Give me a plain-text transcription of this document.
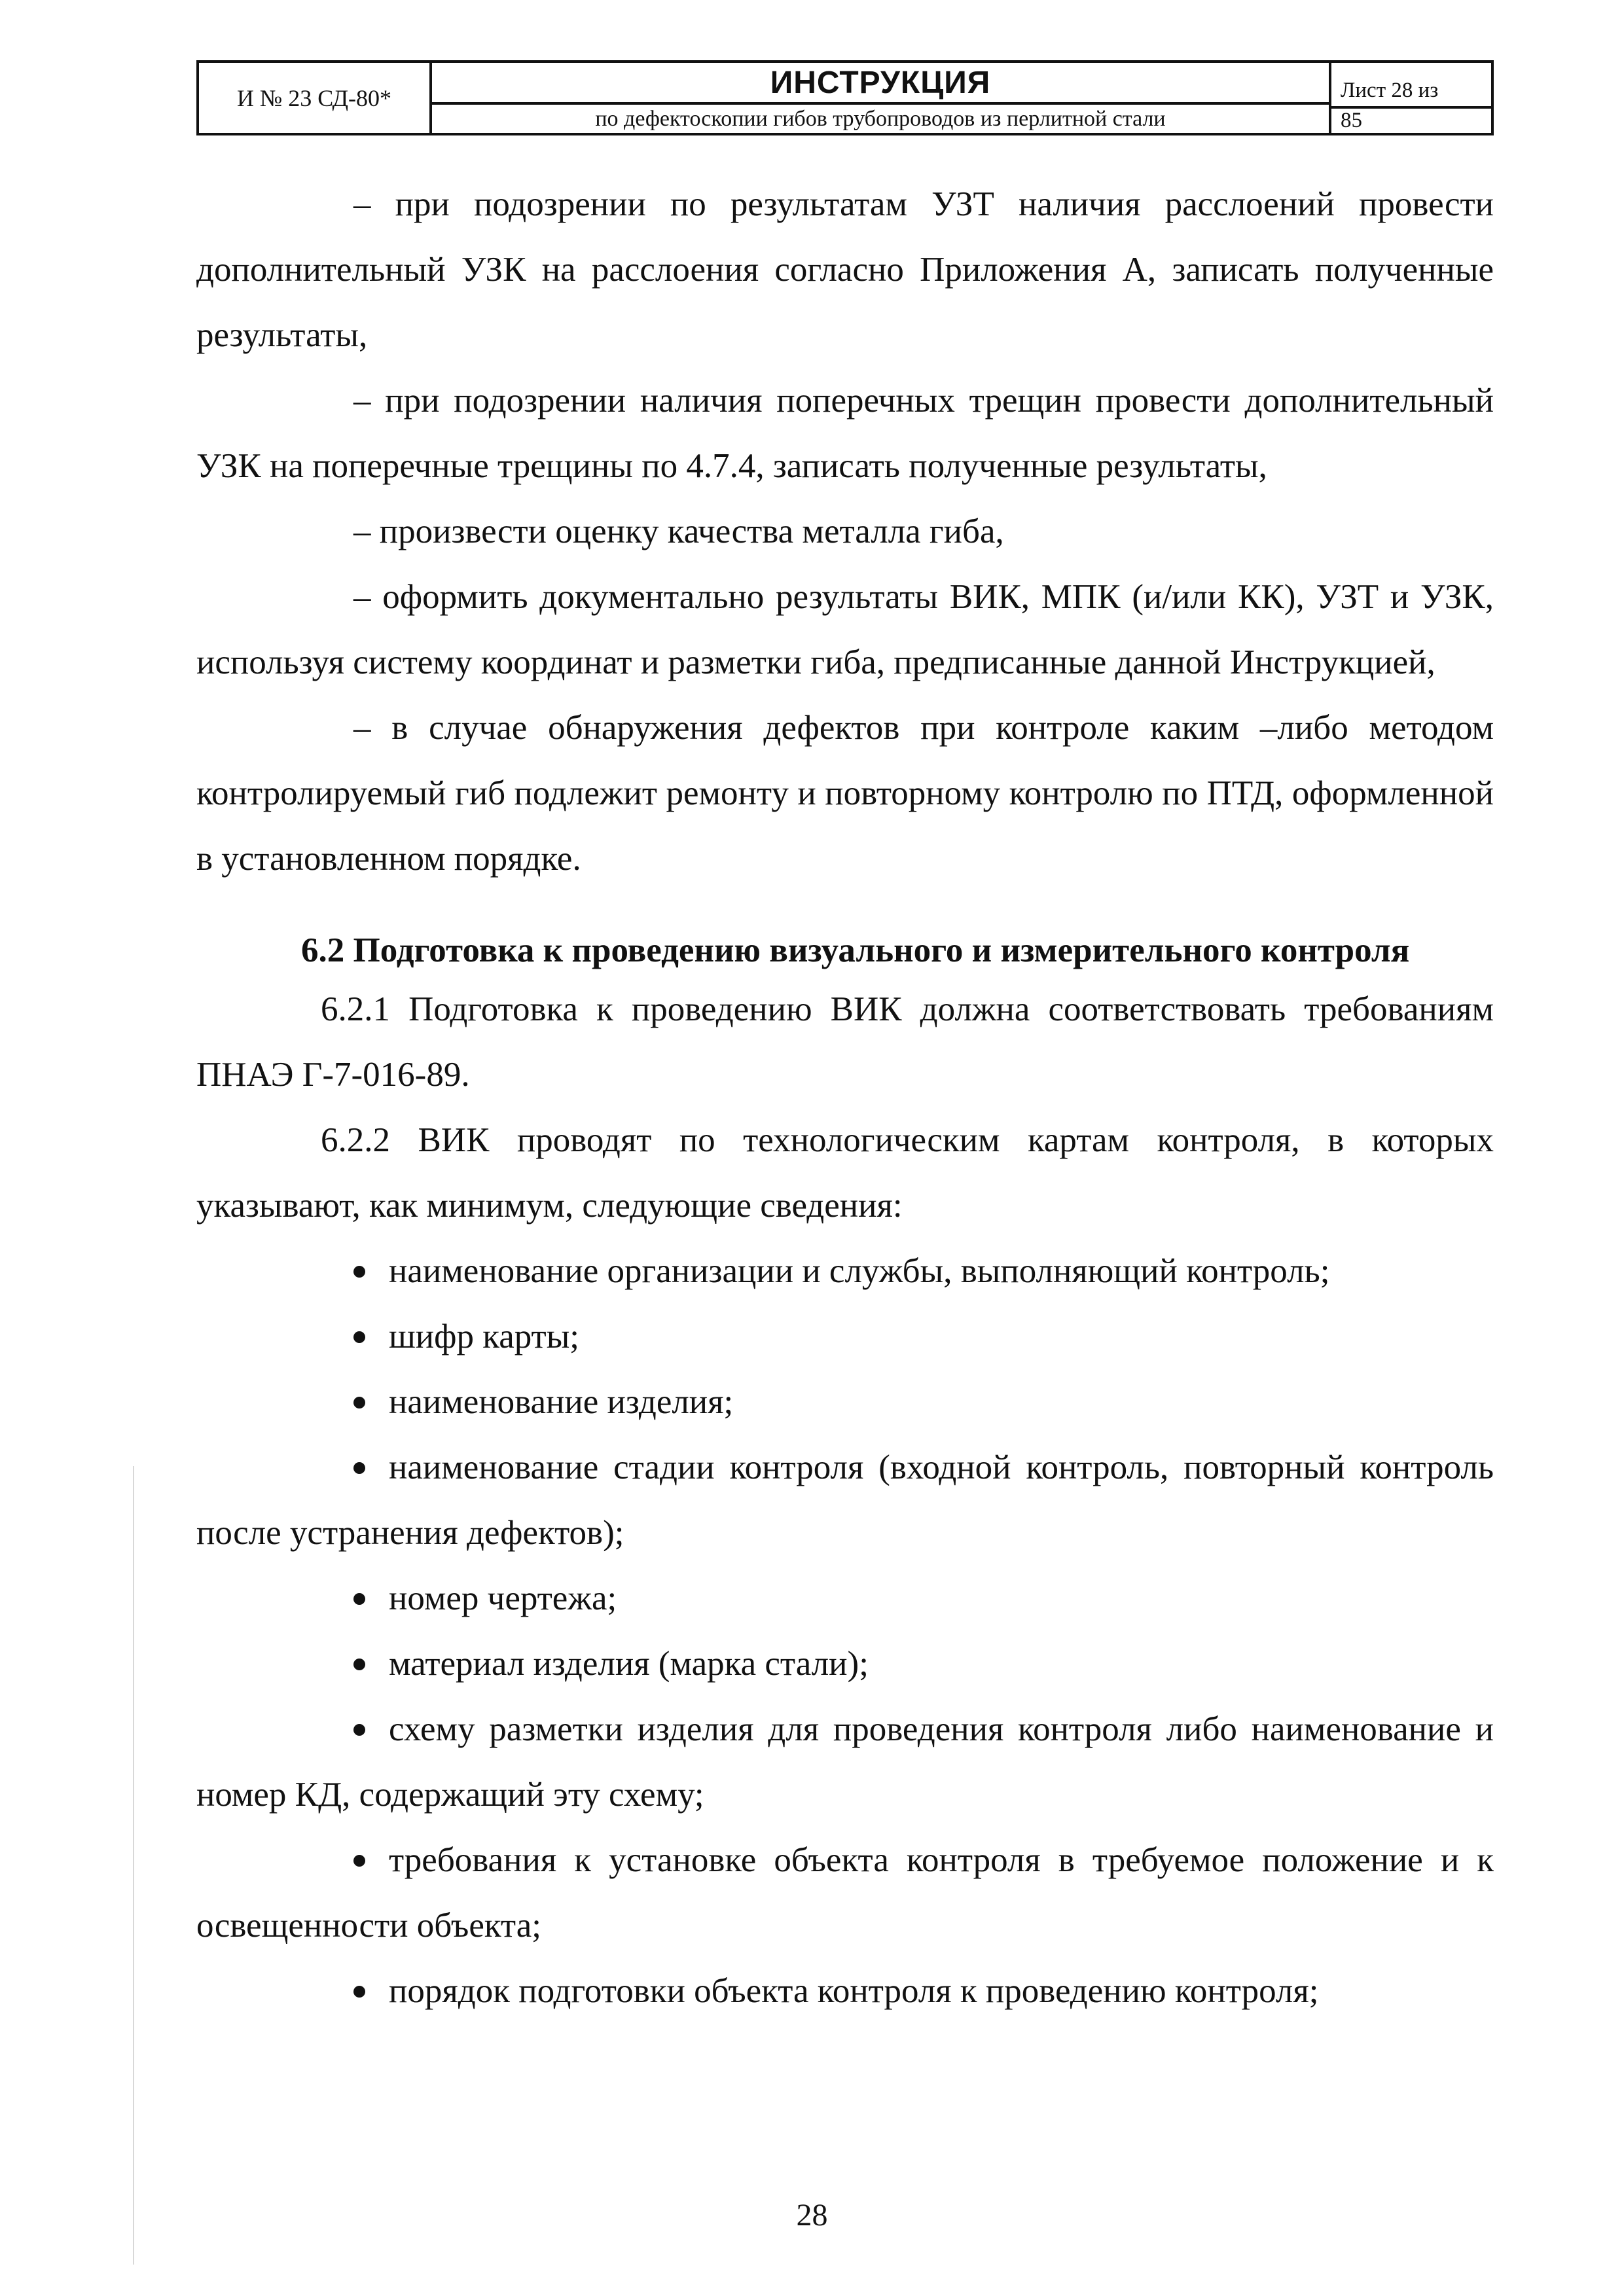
И № 23 СД-80*	ИНСТРУКЦИЯ
по дефектоскопии гибов трубопроводов из перлитной стали
Лист 28 из
85

– при подозрении по результатам УЗТ наличия расслоений провести дополнительный УЗК на расслоения согласно Приложения А, записать полученные результаты,

– при подозрении наличия поперечных трещин провести дополнительный УЗК на поперечные трещины по 4.7.4, записать полученные результаты,

– произвести оценку качества металла гиба,

– оформить документально результаты ВИК, МПК (и/или КК), УЗТ и УЗК, используя систему координат и разметки гиба, предписанные данной Инструкцией,

– в случае обнаружения дефектов при контроле каким –либо методом контролируемый гиб подлежит ремонту и повторному контролю по ПТД, оформленной в установленном порядке.

6.2 Подготовка к проведению визуального и измерительного контроля

6.2.1 Подготовка к проведению ВИК должна соответствовать требованиям ПНАЭ Г-7-016-89.

6.2.2 ВИК проводят по технологическим картам контроля, в которых указывают, как минимум, следующие сведения:

наименование организации и службы, выполняющий контроль;
шифр карты;
наименование изделия;
наименование стадии контроля (входной контроль, повторный контроль после устранения дефектов);
номер чертежа;
материал изделия (марка стали);
схему разметки изделия для проведения контроля либо наименование и номер КД, содержащий эту схему;
требования к установке объекта контроля в требуемое положение и к освещенности объекта;
порядок подготовки объекта контроля к проведению контроля;
28
